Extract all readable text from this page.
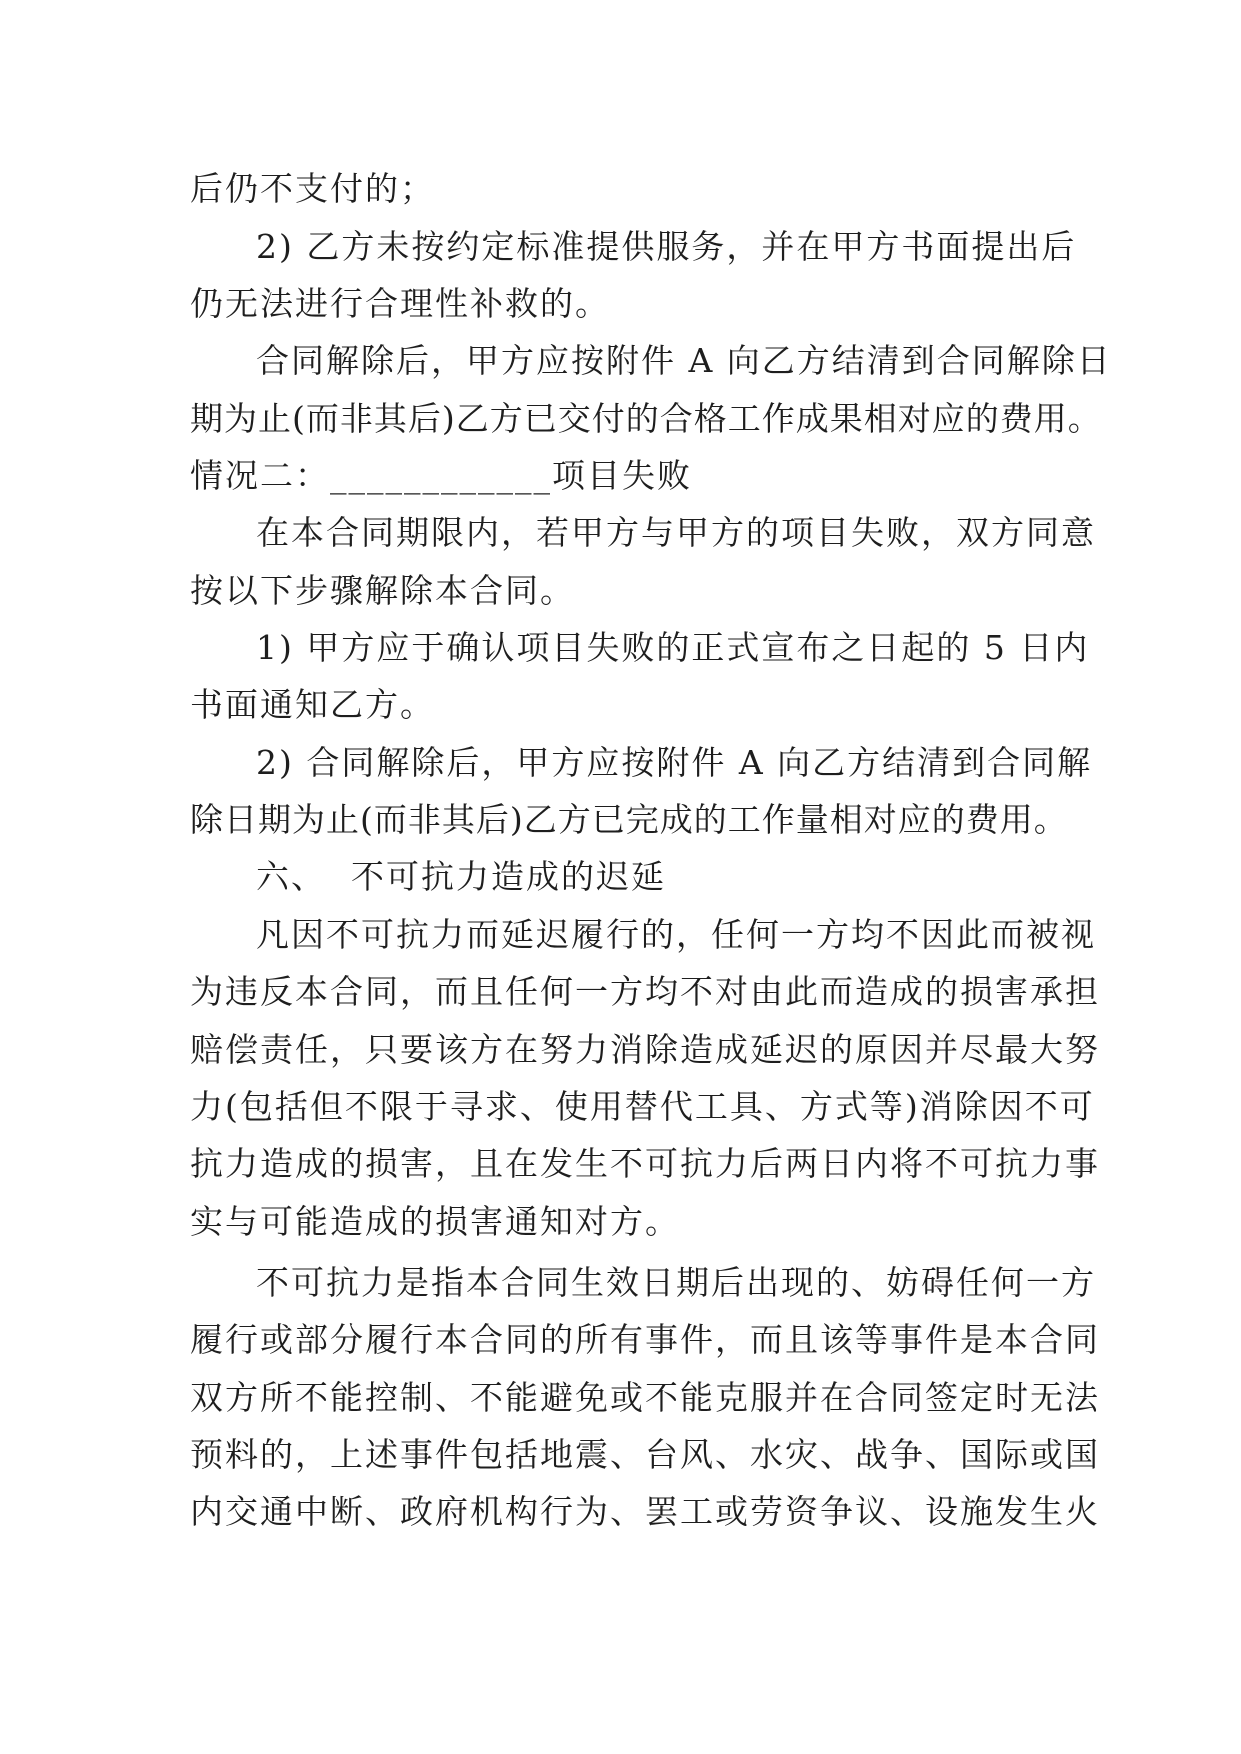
后仍不支付的；
2) 乙方未按约定标准提供服务，并在甲方书面提出后
仍无法进行合理性补救的。
合同解除后，甲方应按附件 A 向乙方结清到合同解除日
期为止(而非其后)乙方已交付的合格工作成果相对应的费用。
情况二：____________项目失败
在本合同期限内，若甲方与甲方的项目失败，双方同意
按以下步骤解除本合同。
1) 甲方应于确认项目失败的正式宣布之日起的 5 日内
书面通知乙方。
2) 合同解除后，甲方应按附件 A 向乙方结清到合同解
除日期为止(而非其后)乙方已完成的工作量相对应的费用。
六、  不可抗力造成的迟延
凡因不可抗力而延迟履行的，任何一方均不因此而被视
为违反本合同，而且任何一方均不对由此而造成的损害承担
赔偿责任，只要该方在努力消除造成延迟的原因并尽最大努
力(包括但不限于寻求、使用替代工具、方式等)消除因不可
抗力造成的损害，且在发生不可抗力后两日内将不可抗力事
实与可能造成的损害通知对方。
不可抗力是指本合同生效日期后出现的、妨碍任何一方
履行或部分履行本合同的所有事件，而且该等事件是本合同
双方所不能控制、不能避免或不能克服并在合同签定时无法
预料的，上述事件包括地震、台风、水灾、战争、国际或国
内交通中断、政府机构行为、罢工或劳资争议、设施发生火
